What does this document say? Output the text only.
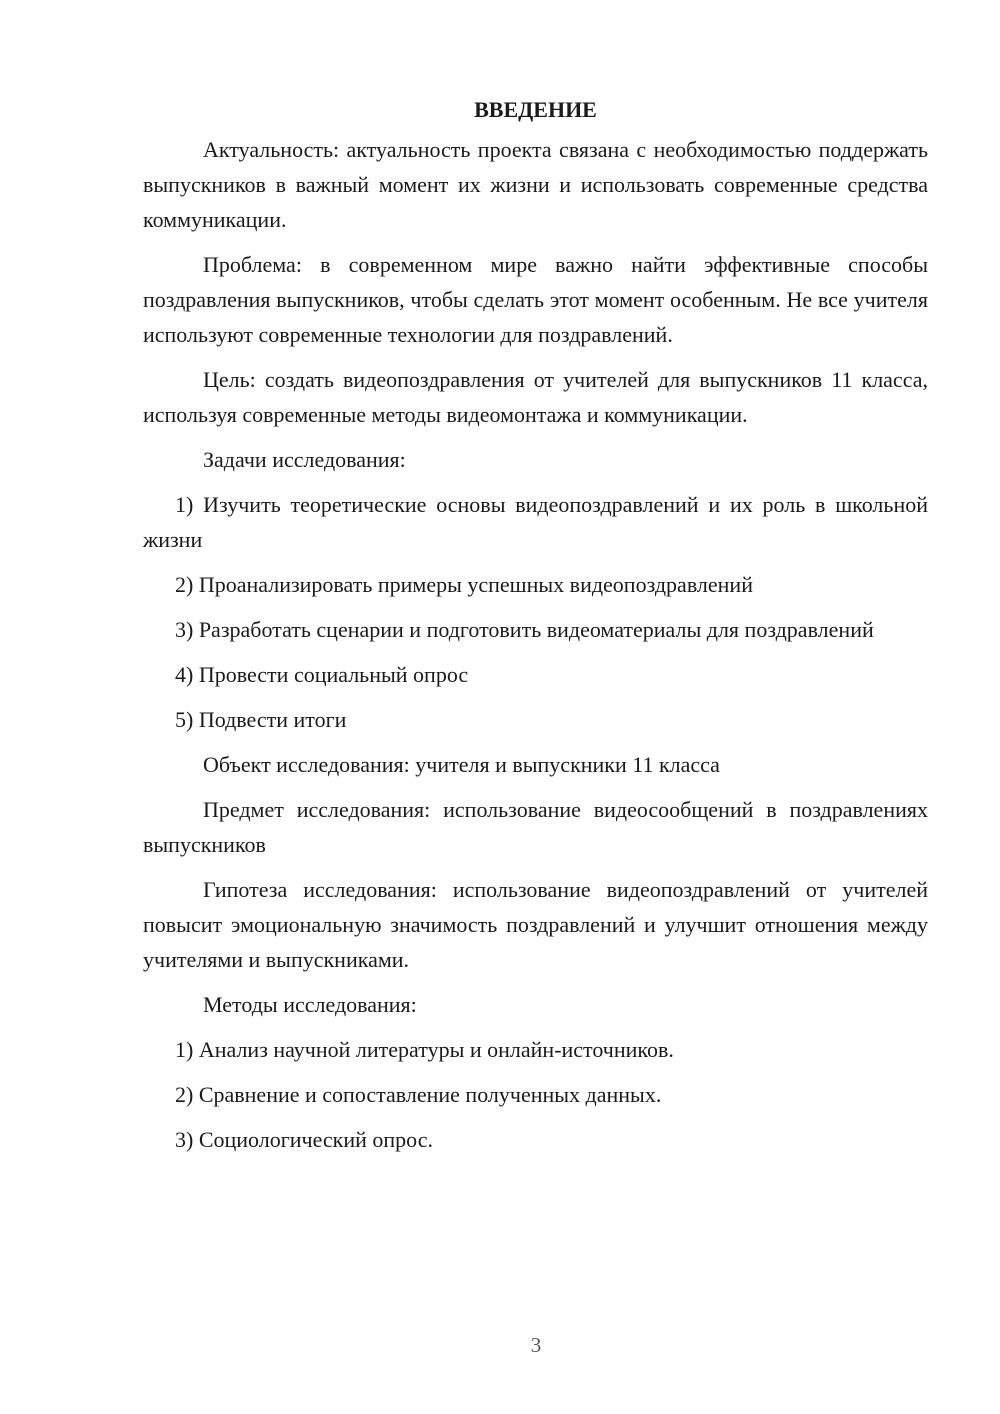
ВВЕДЕНИЕ

Актуальность: актуальность проекта связана с необходимостью поддержать выпускников в важный момент их жизни и использовать современные средства коммуникации.

Проблема: в современном мире важно найти эффективные способы поздравления выпускников, чтобы сделать этот момент особенным. Не все учителя используют современные технологии для поздравлений.

Цель: создать видеопоздравления от учителей для выпускников 11 класса, используя современные методы видеомонтажа и коммуникации.

Задачи исследования:

1) Изучить теоретические основы видеопоздравлений и их роль в школьной жизни

2) Проанализировать примеры успешных видеопоздравлений

3) Разработать сценарии и подготовить видеоматериалы для поздравлений

4) Провести социальный опрос

5) Подвести итоги

Объект исследования: учителя и выпускники 11 класса

Предмет исследования: использование видеосообщений в поздравлениях выпускников

Гипотеза исследования: использование видеопоздравлений от учителей повысит эмоциональную значимость поздравлений и улучшит отношения между учителями и выпускниками.

Методы исследования:

1) Анализ научной литературы и онлайн-источников.

2) Сравнение и сопоставление полученных данных.

3) Социологический опрос.

3
